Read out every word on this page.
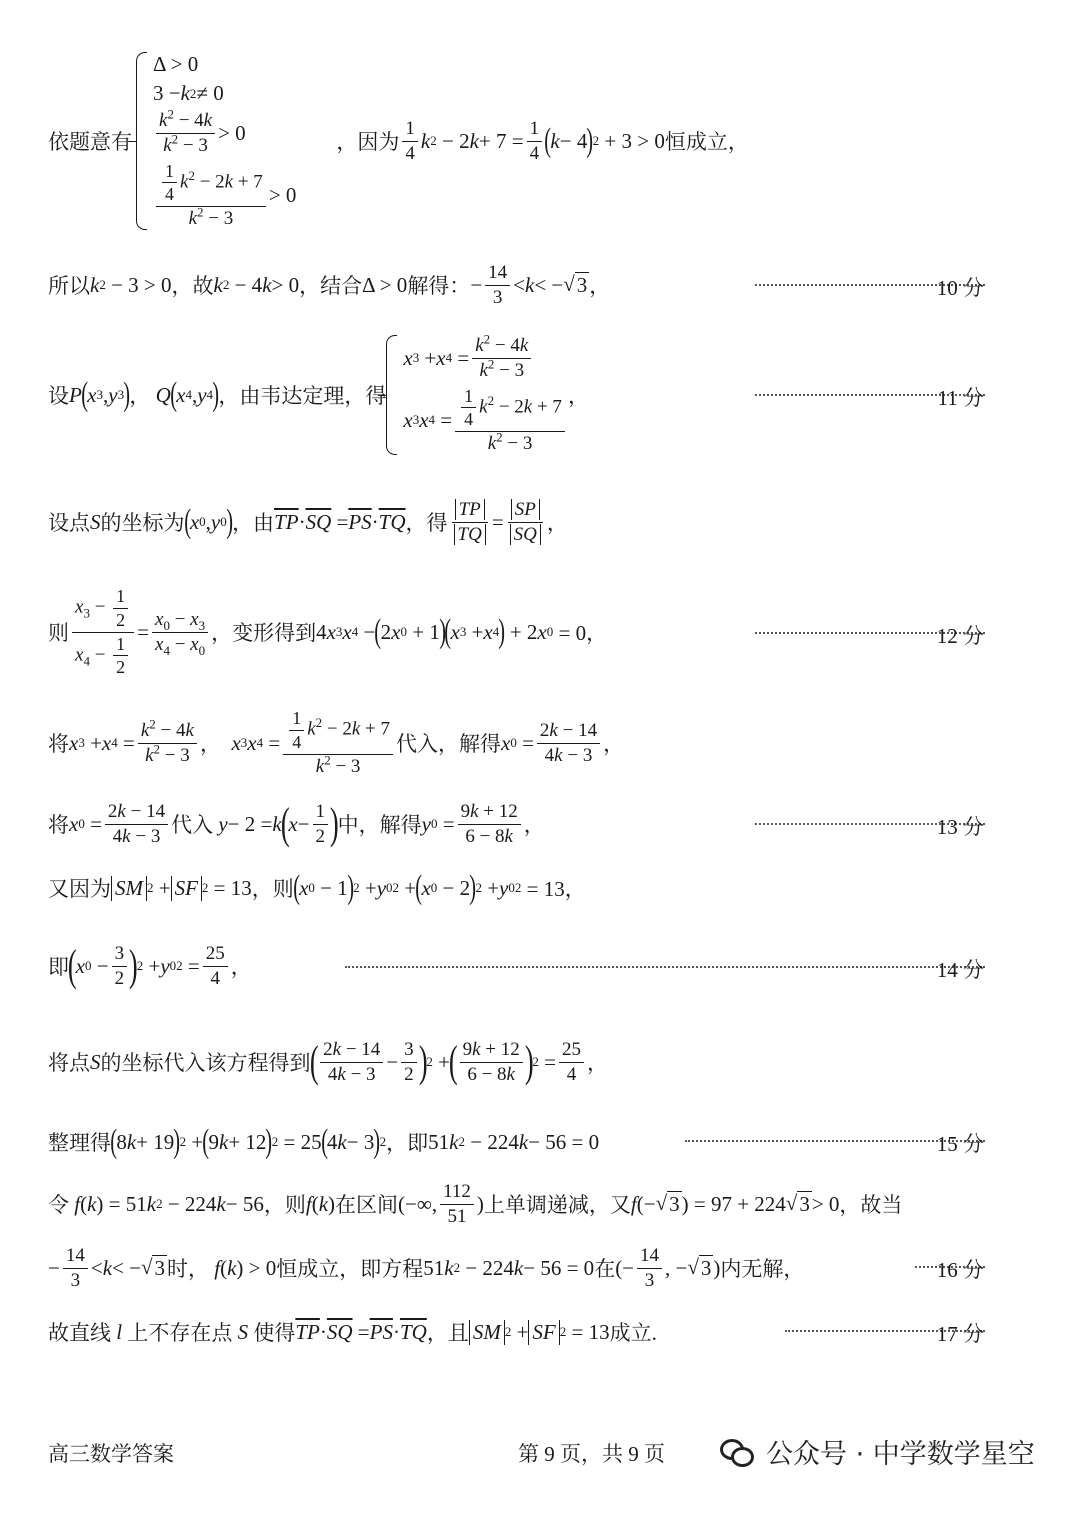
依题意有
Δ > 0
3 − k 2 ≠ 0
$\frac{k^2 - 4k}{k^2 - 3} > 0$
$\frac{\frac{1}{4} k^2 - 2k + 7}{k^2 - 3} > 0$
，因为 $\frac{1}{4}$ k 2 − 2 $k + 7 = \frac{1}{4}$ ( k − 4 ) 2 + 3 > 0 恒成立，
所以 k 2 − 3 > 0 ，故 k 2 − 4 k > 0 ，结合 Δ > 0 解得： − $\frac{14}{3} < k$ < − √ 3 ，	10 分
设 P ( x 3 , y 3 ) ， Q ( x 4 , y 4 ) ，由韦达定理，得
x 3 + x $4 = \frac{k^2 - 4k}{k^2 - 3}$
x 3 x $4 = \frac{\frac{1}{4} k^2 - 2k + 7}{k^2 - 3}$ ，	11 分
设点 S 的坐标为 ( x 0 , y 0 ) ，由 $\overline{TP} \cdot \overline{SQ} = \overline{PS} \cdot \overline{TQ}$ ，得 $\frac{TP}{TQ} = \frac{SP}{SQ}$ ，
则 $\frac{x_3 - \frac{1}{2}}{x_4 - \frac{1}{2}} = \frac{x_0 - x_3}{x_4 - x_0}$ ，变形得到 4 x 3 x 4 − ( 2 x 0 + 1 )
( x 3 + x 4 ) + 2 x 0 = 0，	12 分
将 x 3 + x $4 = \frac{k^2 - 4k}{k^2 - 3}$ ， x 3 x $4 = \frac{\frac{1}{4} k^2 - 2k + 7}{k^2 - 3}$ 代入，解得 x $0 = \frac{2k - 14}{4k - 3}$ ，
将 x $0 = \frac{2k - 14}{4k - 3}$ 代入
y − 2 = k
(
$x - \frac{1}{2}$ )
中，解得 y $0 = \frac{9k + 12}{6 - 8k}$ ，	13 分
又因为 SM 2 + SF 2 = 13 ，则 ( x 0 − 1 ) 2 + y 0 2 + ( x 0 − 2 ) 2 + y 0 2 = 13，
即
(
x $0 - \frac{3}{2}$ )
2 + y 0 $2 = \frac{25}{4}$ ，	14 分
将点 S 的坐标代入该方程得到
( $\frac{2k - 14}{4k - 3} - \frac{3}{2}$ )
2 +
( $\frac{9k + 12}{6 - 8k}$ )
$2 = \frac{25}{4}$ ，
整理得 ( 8 k + 19 ) 2 + ( 9 k + 12 ) 2 = 25 ( 4 k − 3 ) 2 ，即 51 k 2 − 224 k − 56 = 0	15 分
令
f ( k ) = 51 k 2 − 224 k − 56 ，则 f ( k ) 在区间 (−∞, $\frac{112}{51}$ ) 上单调递减，又 f (− √ 3 ) = 97 + 224 √ 3 > 0 ，故当
− $\frac{14}{3} < k$ < − √ 3 时，
f ( k ) > 0 恒成立，即方程 51 k 2 − 224 k − 56 = 0 在 (− $\frac{14}{3}$ , − √ 3 ) 内无解，	16 分
故直线
l
上不存在点
S
使得 $\overline{TP} \cdot \overline{SQ} = \overline{PS} \cdot \overline{TQ}$ ，且 SM 2 + SF 2 = 13 成立.	17 分
高三数学答案	第 9 页，共 9 页	公众号 · 中学数学星空
